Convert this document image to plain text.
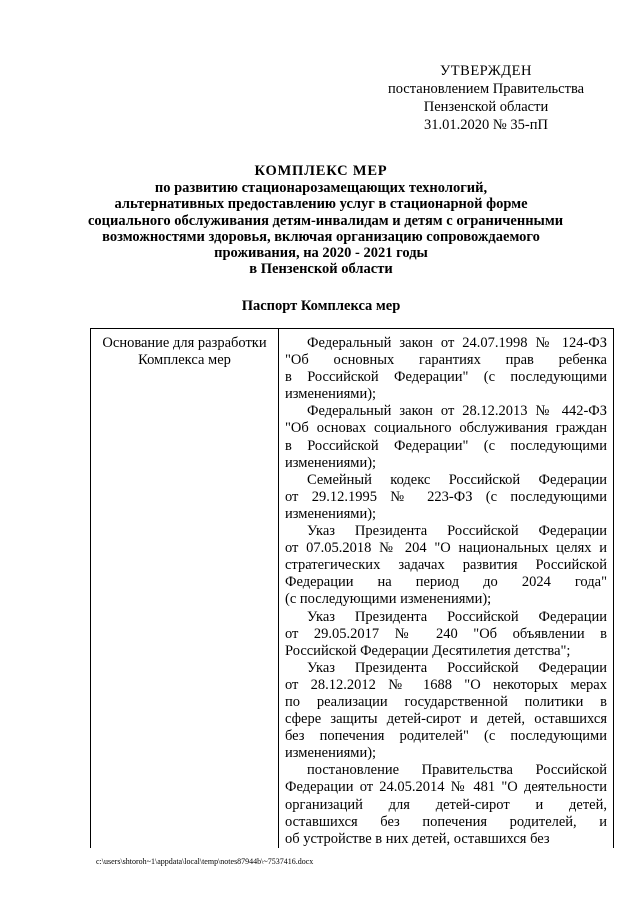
УТВЕРЖДЕН
постановлением Правительства
Пензенской области
31.01.2020 № 35-пП
КОМПЛЕКС МЕР
по развитию стационарозамещающих технологий,
альтернативных предоставлению услуг в стационарной форме
социального обслуживания детям-инвалидам и детям с ограниченными
возможностями здоровья, включая организацию сопровождаемого
проживания, на 2020 - 2021 годы
в Пензенской области
Паспорт Комплекса мер
Основание для разработки
Комплекса мер
Федеральный закон от 24.07.1998 № 124-ФЗ
"Об основных гарантиях прав ребенка
в Российской Федерации" (с последующими
изменениями);
Федеральный закон от 28.12.2013 № 442-ФЗ
"Об основах социального обслуживания граждан
в Российской Федерации" (с последующими
изменениями);
Семейный кодекс Российской Федерации
от 29.12.1995 № 223-ФЗ (с последующими
изменениями);
Указ Президента Российской Федерации
от 07.05.2018 № 204 "О национальных целях и
стратегических задачах развития Российской
Федерации на период до 2024 года"
(с последующими изменениями);
Указ Президента Российской Федерации
от 29.05.2017 № 240 "Об объявлении в
Российской Федерации Десятилетия детства";
Указ Президента Российской Федерации
от 28.12.2012 № 1688 "О некоторых мерах
по реализации государственной политики в
сфере защиты детей-сирот и детей, оставшихся
без попечения родителей" (с последующими
изменениями);
постановление Правительства Российской
Федерации от 24.05.2014 № 481 "О деятельности
организаций для детей-сирот и детей,
оставшихся без попечения родителей, и
об устройстве в них детей, оставшихся без
c:\users\shtoroh~1\appdata\local\temp\notes87944b\~7537416.docx
